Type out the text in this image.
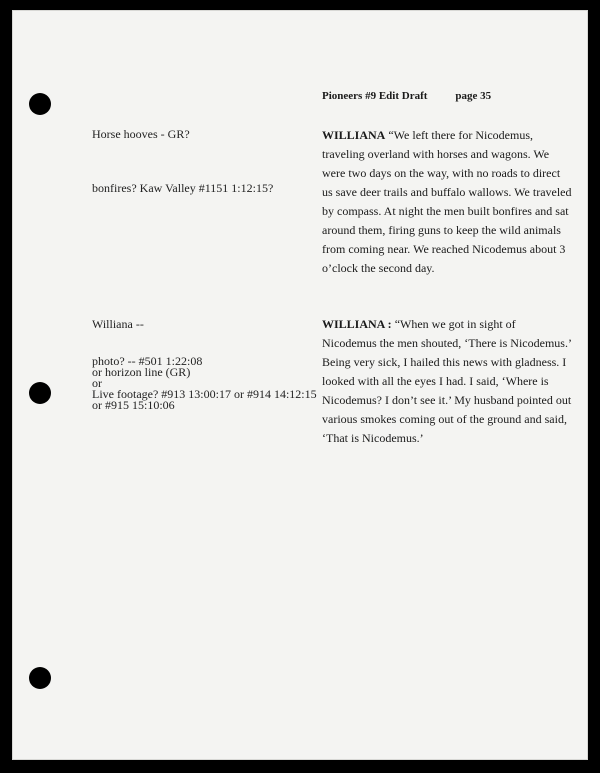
Pioneers #9 Edit Draft	page 35
Horse hooves - GR?
bonfires? Kaw Valley #1151 1:12:15?
Williana --
photo? -- #501 1:22:08
or horizon line (GR)
or
Live footage? #913 13:00:17 or #914 14:12:15
or #915 15:10:06
WILLIANA “We left there for Nicodemus, traveling overland with horses and wagons. We were two days on the way, with no roads to direct us save deer trails and buffalo wallows. We traveled by compass. At night the men built bonfires and sat around them, firing guns to keep the wild animals from coming near. We reached Nicodemus about 3 o’clock the second day.
WILLIANA : “When we got in sight of Nicodemus the men shouted, ‘There is Nicodemus.’ Being very sick, I hailed this news with gladness. I looked with all the eyes I had. I said, ‘Where is Nicodemus? I don’t see it.’ My husband pointed out various smokes coming out of the ground and said, ‘That is Nicodemus.’
